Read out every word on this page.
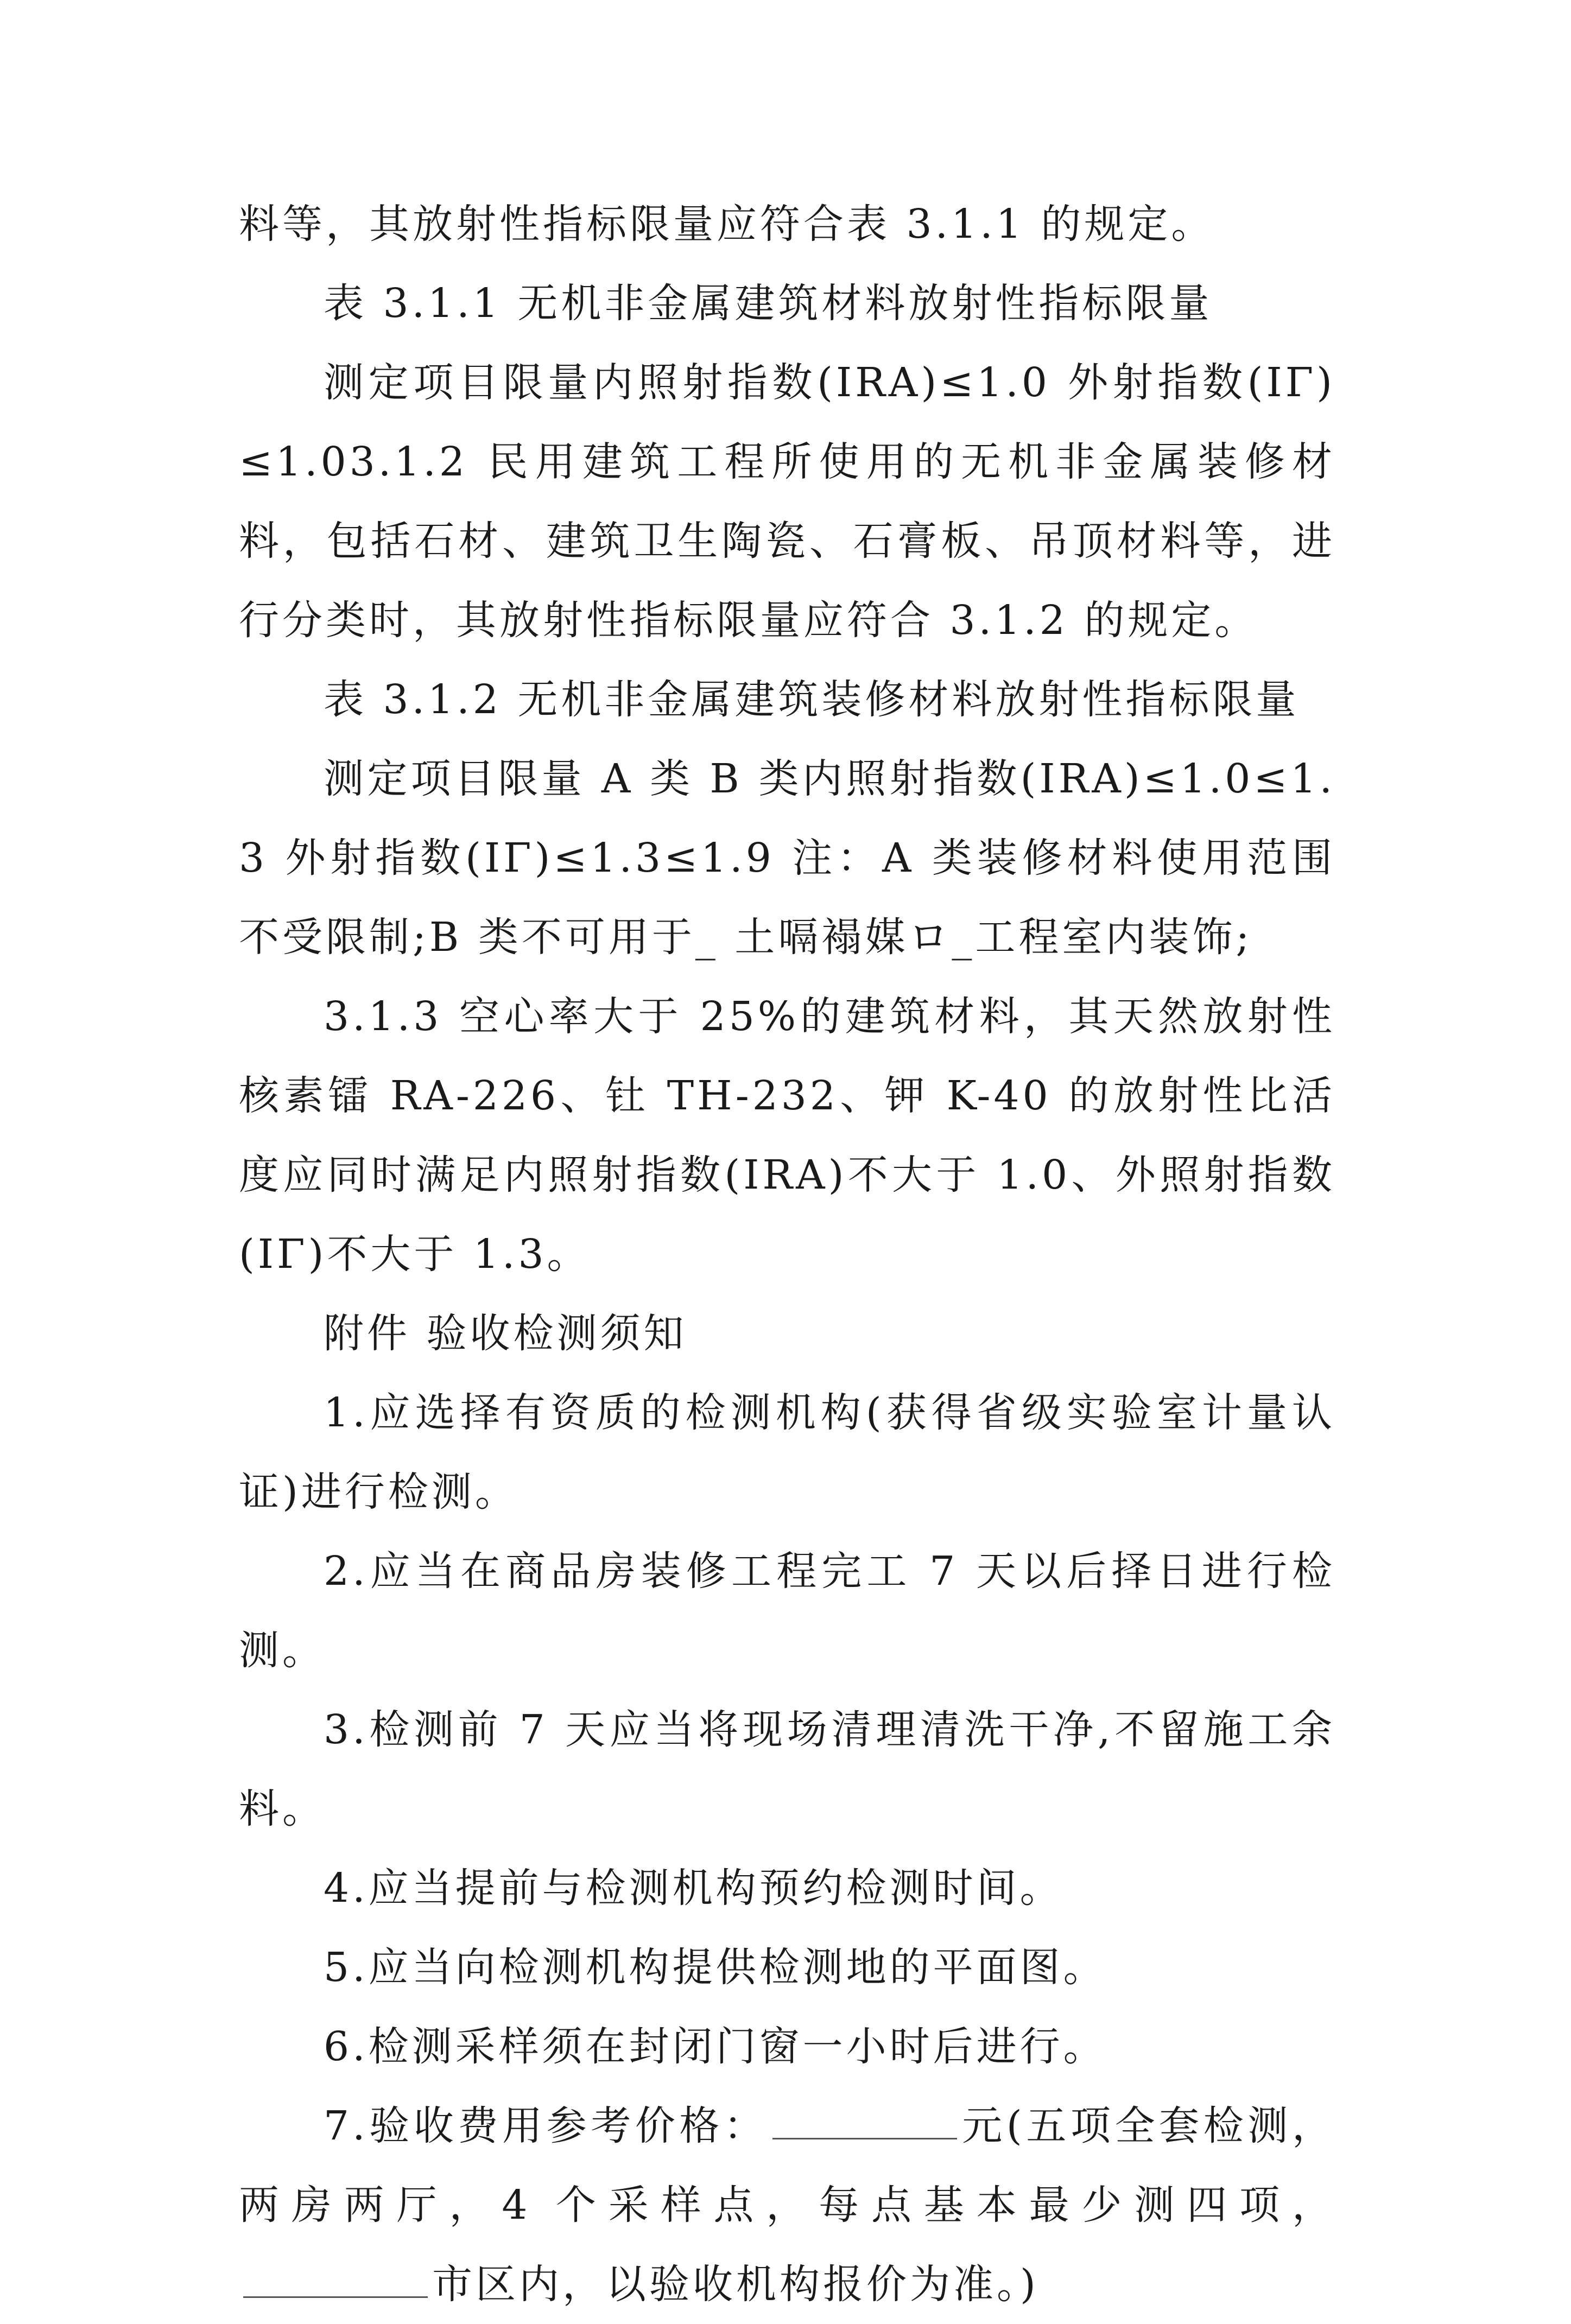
料等，其放射性指标限量应符合表 3.1.1 的规定。

表 3.1.1 无机非金属建筑材料放射性指标限量

测定项目限量内照射指数(IRA)≤1.0 外射指数(IΓ)≤1.03.1.2 民用建筑工程所使用的无机非金属装修材料，包括石材、建筑卫生陶瓷、石膏板、吊顶材料等，进行分类时，其放射性指标限量应符合 3.1.2 的规定。

表 3.1.2 无机非金属建筑装修材料放射性指标限量

测定项目限量 A 类 B 类内照射指数(IRA)≤1.0≤1.3 外射指数(IΓ)≤1.3≤1.9 注：A 类装修材料使用范围不受限制;B 类不可用于_ 土嗝褟媒ロ_工程室内装饰;

3.1.3 空心率大于 25%的建筑材料，其天然放射性核素镭 RA-226、钍 TH-232、钾 K-40 的放射性比活度应同时满足内照射指数(IRA)不大于 1.0、外照射指数(IΓ)不大于 1.3。

附件 验收检测须知

1.应选择有资质的检测机构(获得省级实验室计量认证)进行检测。

2.应当在商品房装修工程完工 7 天以后择日进行检测。

3.检测前 7 天应当将现场清理清洗干净,不留施工余料。

4.应当提前与检测机构预约检测时间。

5.应当向检测机构提供检测地的平面图。

6.检测采样须在封闭门窗一小时后进行。

7.验收费用参考价格：	元(五项全套检测，两房两厅，4 个采样点，每点基本最少测四项，市区内，以验收机构报价为准。)
